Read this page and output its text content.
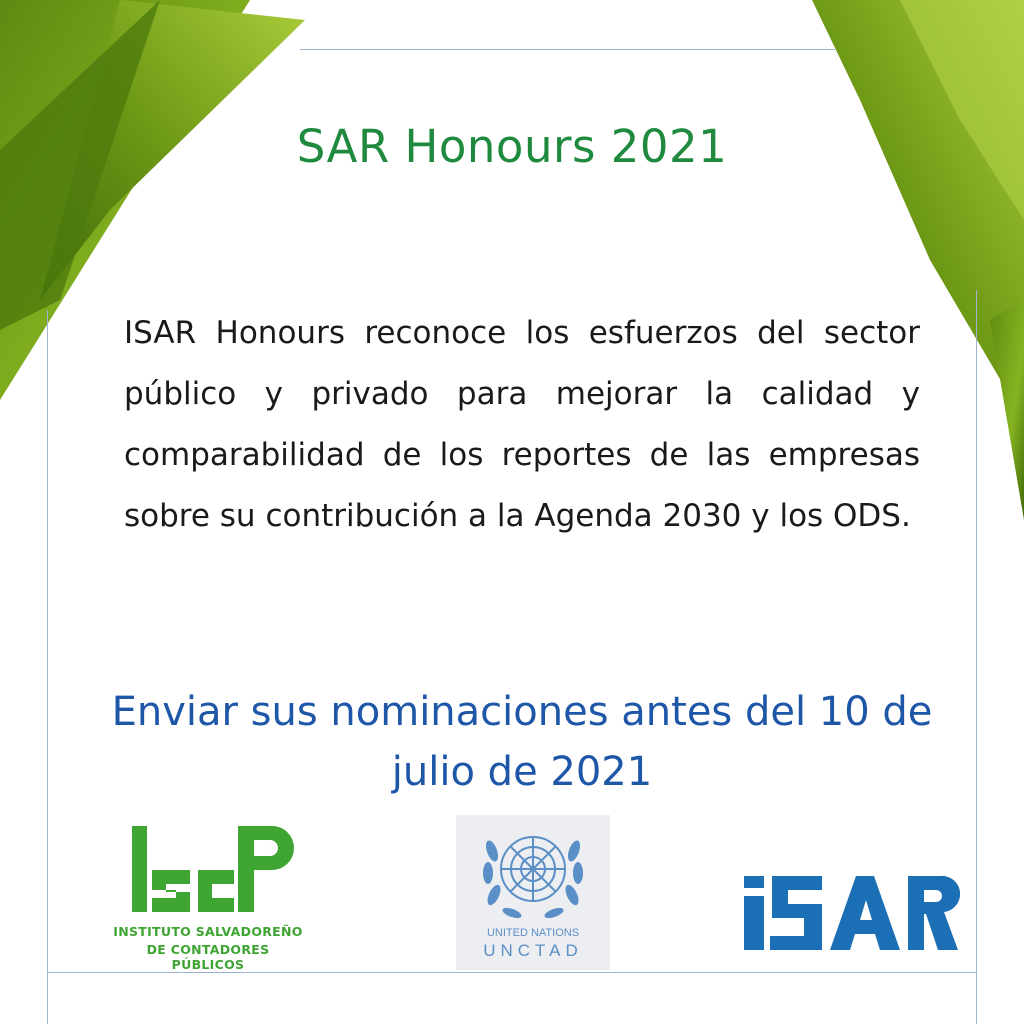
SAR Honours 2021
ISAR Honours reconoce los esfuerzos del sector público y privado para mejorar la calidad y comparabilidad de los reportes de las empresas sobre su contribución a la Agenda 2030 y los ODS.
Enviar sus nominaciones antes del 10 de julio de 2021
INSTITUTO SALVADOREÑO
DE CONTADORES PÚBLICOS
UNITED NATIONS
UNCTAD
